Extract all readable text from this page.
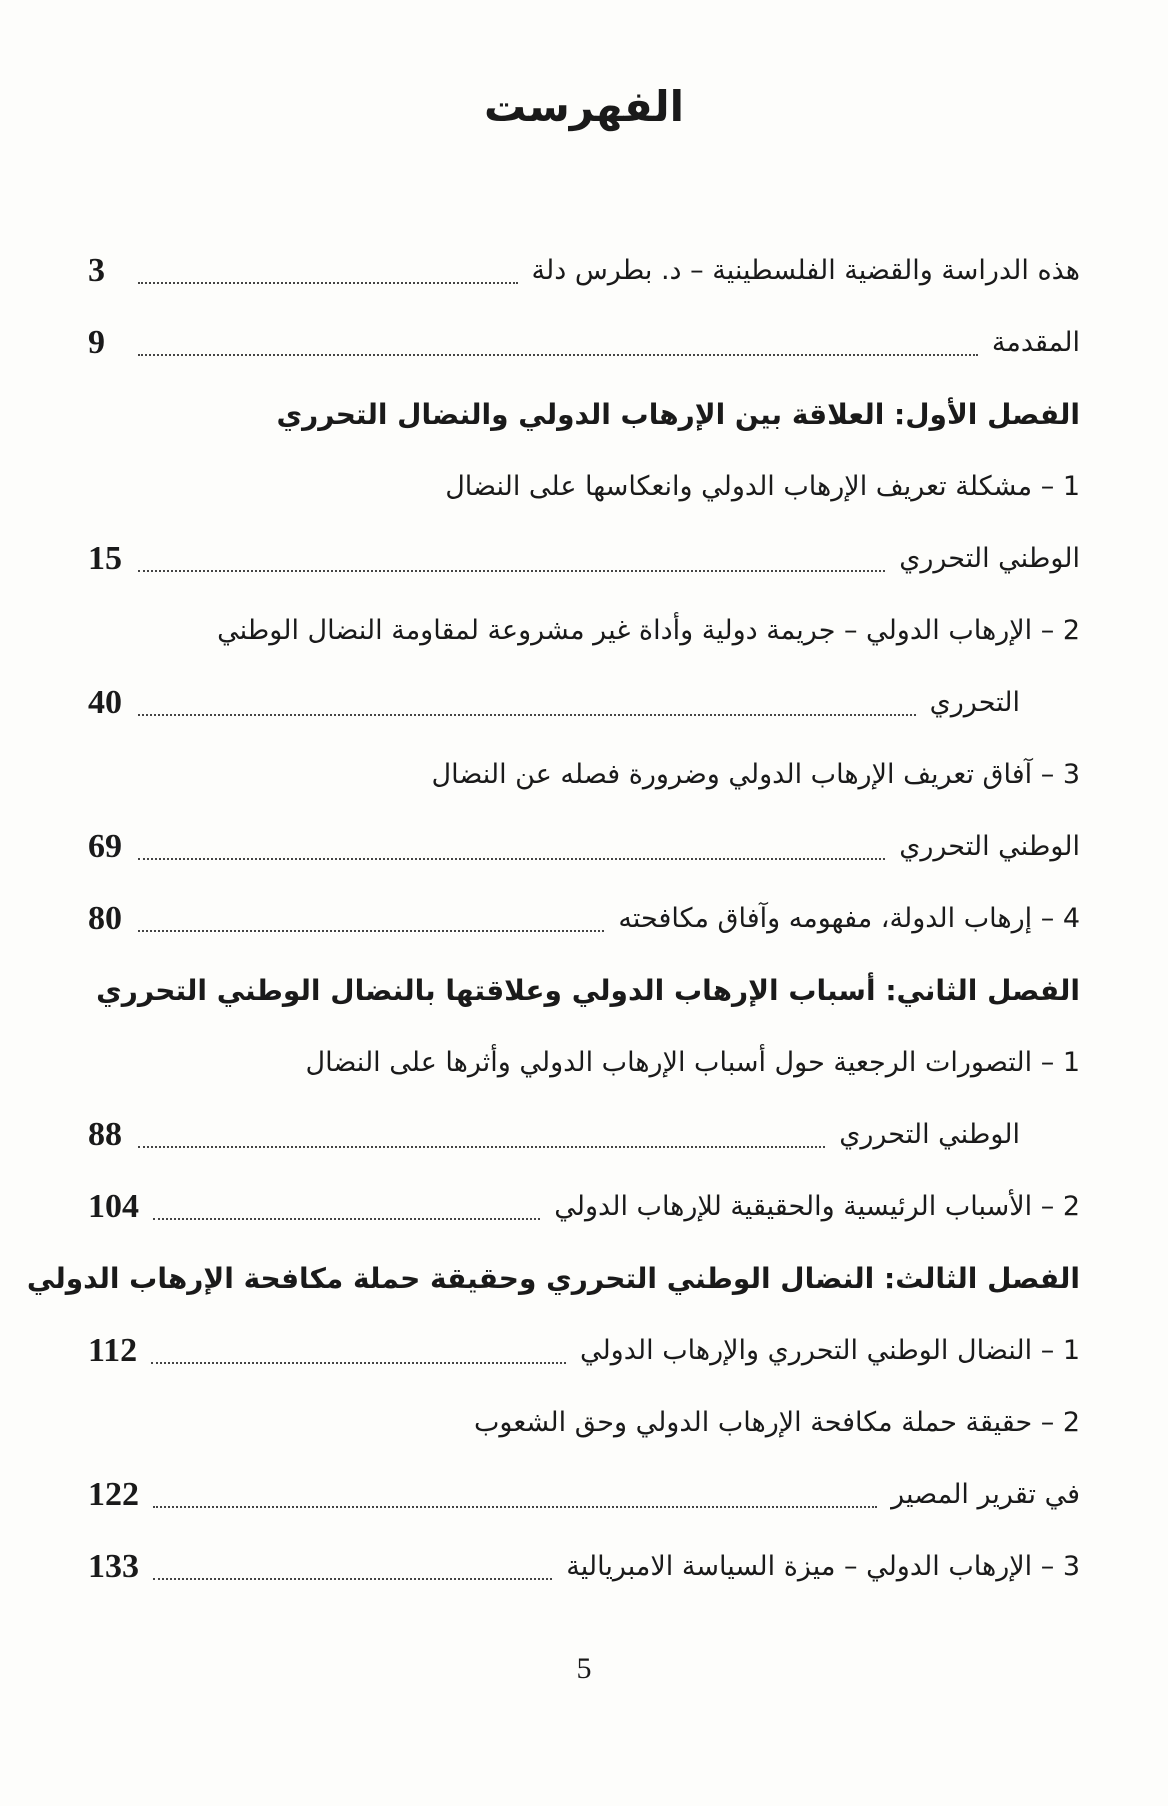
الفهرست
هذه الدراسة والقضية الفلسطينية – د. بطرس دلة
3
المقدمة
9
الفصل الأول: العلاقة بين الإرهاب الدولي والنضال التحرري
1 – مشكلة تعريف الإرهاب الدولي وانعكاسها على النضال
الوطني التحرري
15
2 – الإرهاب الدولي – جريمة دولية وأداة غير مشروعة لمقاومة النضال الوطني
التحرري
40
3 – آفاق تعريف الإرهاب الدولي وضرورة فصله عن النضال
الوطني التحرري
69
4 – إرهاب الدولة، مفهومه وآفاق مكافحته
80
الفصل الثاني: أسباب الإرهاب الدولي وعلاقتها بالنضال الوطني التحرري
1 – التصورات الرجعية حول أسباب الإرهاب الدولي وأثرها على النضال
الوطني التحرري
88
2 – الأسباب الرئيسية والحقيقية للإرهاب الدولي
104
الفصل الثالث: النضال الوطني التحرري وحقيقة حملة مكافحة الإرهاب الدولي
1 – النضال الوطني التحرري والإرهاب الدولي
112
2 – حقيقة حملة مكافحة الإرهاب الدولي وحق الشعوب
في تقرير المصير
122
3 – الإرهاب الدولي – ميزة السياسة الامبريالية
133
5
